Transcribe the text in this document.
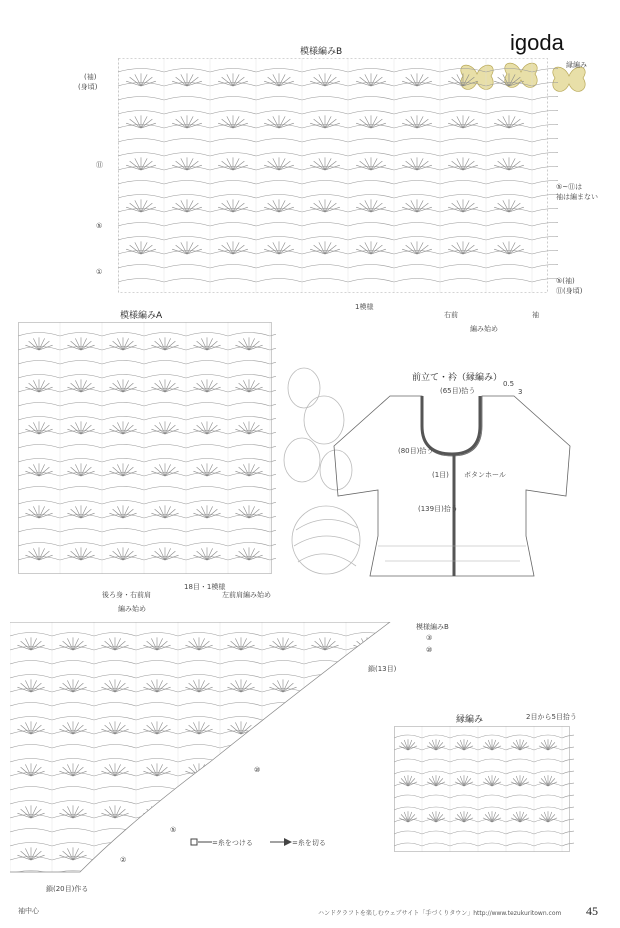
igoda
模様編みB
(袖)
(身頃)
⑪
⑤
①
縁編み
⑤~⑪は
袖は編まない
⑤(袖)
⑪(身頃)
1模様
右前	袖
編み始め
模様編みA
後ろ身・右前肩
18目・1模様
左前肩編み始め
編み始め
前立て・衿（縁編み）
(65目)拾う
0.5
3
(80目)拾う
(1目) ボタンホール
(139目)拾う
模様編みB
③
⑩
鎖(13目)
⑩
⑤
②
鎖(20目)作る
袖中心
=糸をつける	=糸を切る
縁編み	2目から5目拾う
ハンドクラフトを楽しむウェブサイト「手づくりタウン」http://www.tezukuritown.com 45
